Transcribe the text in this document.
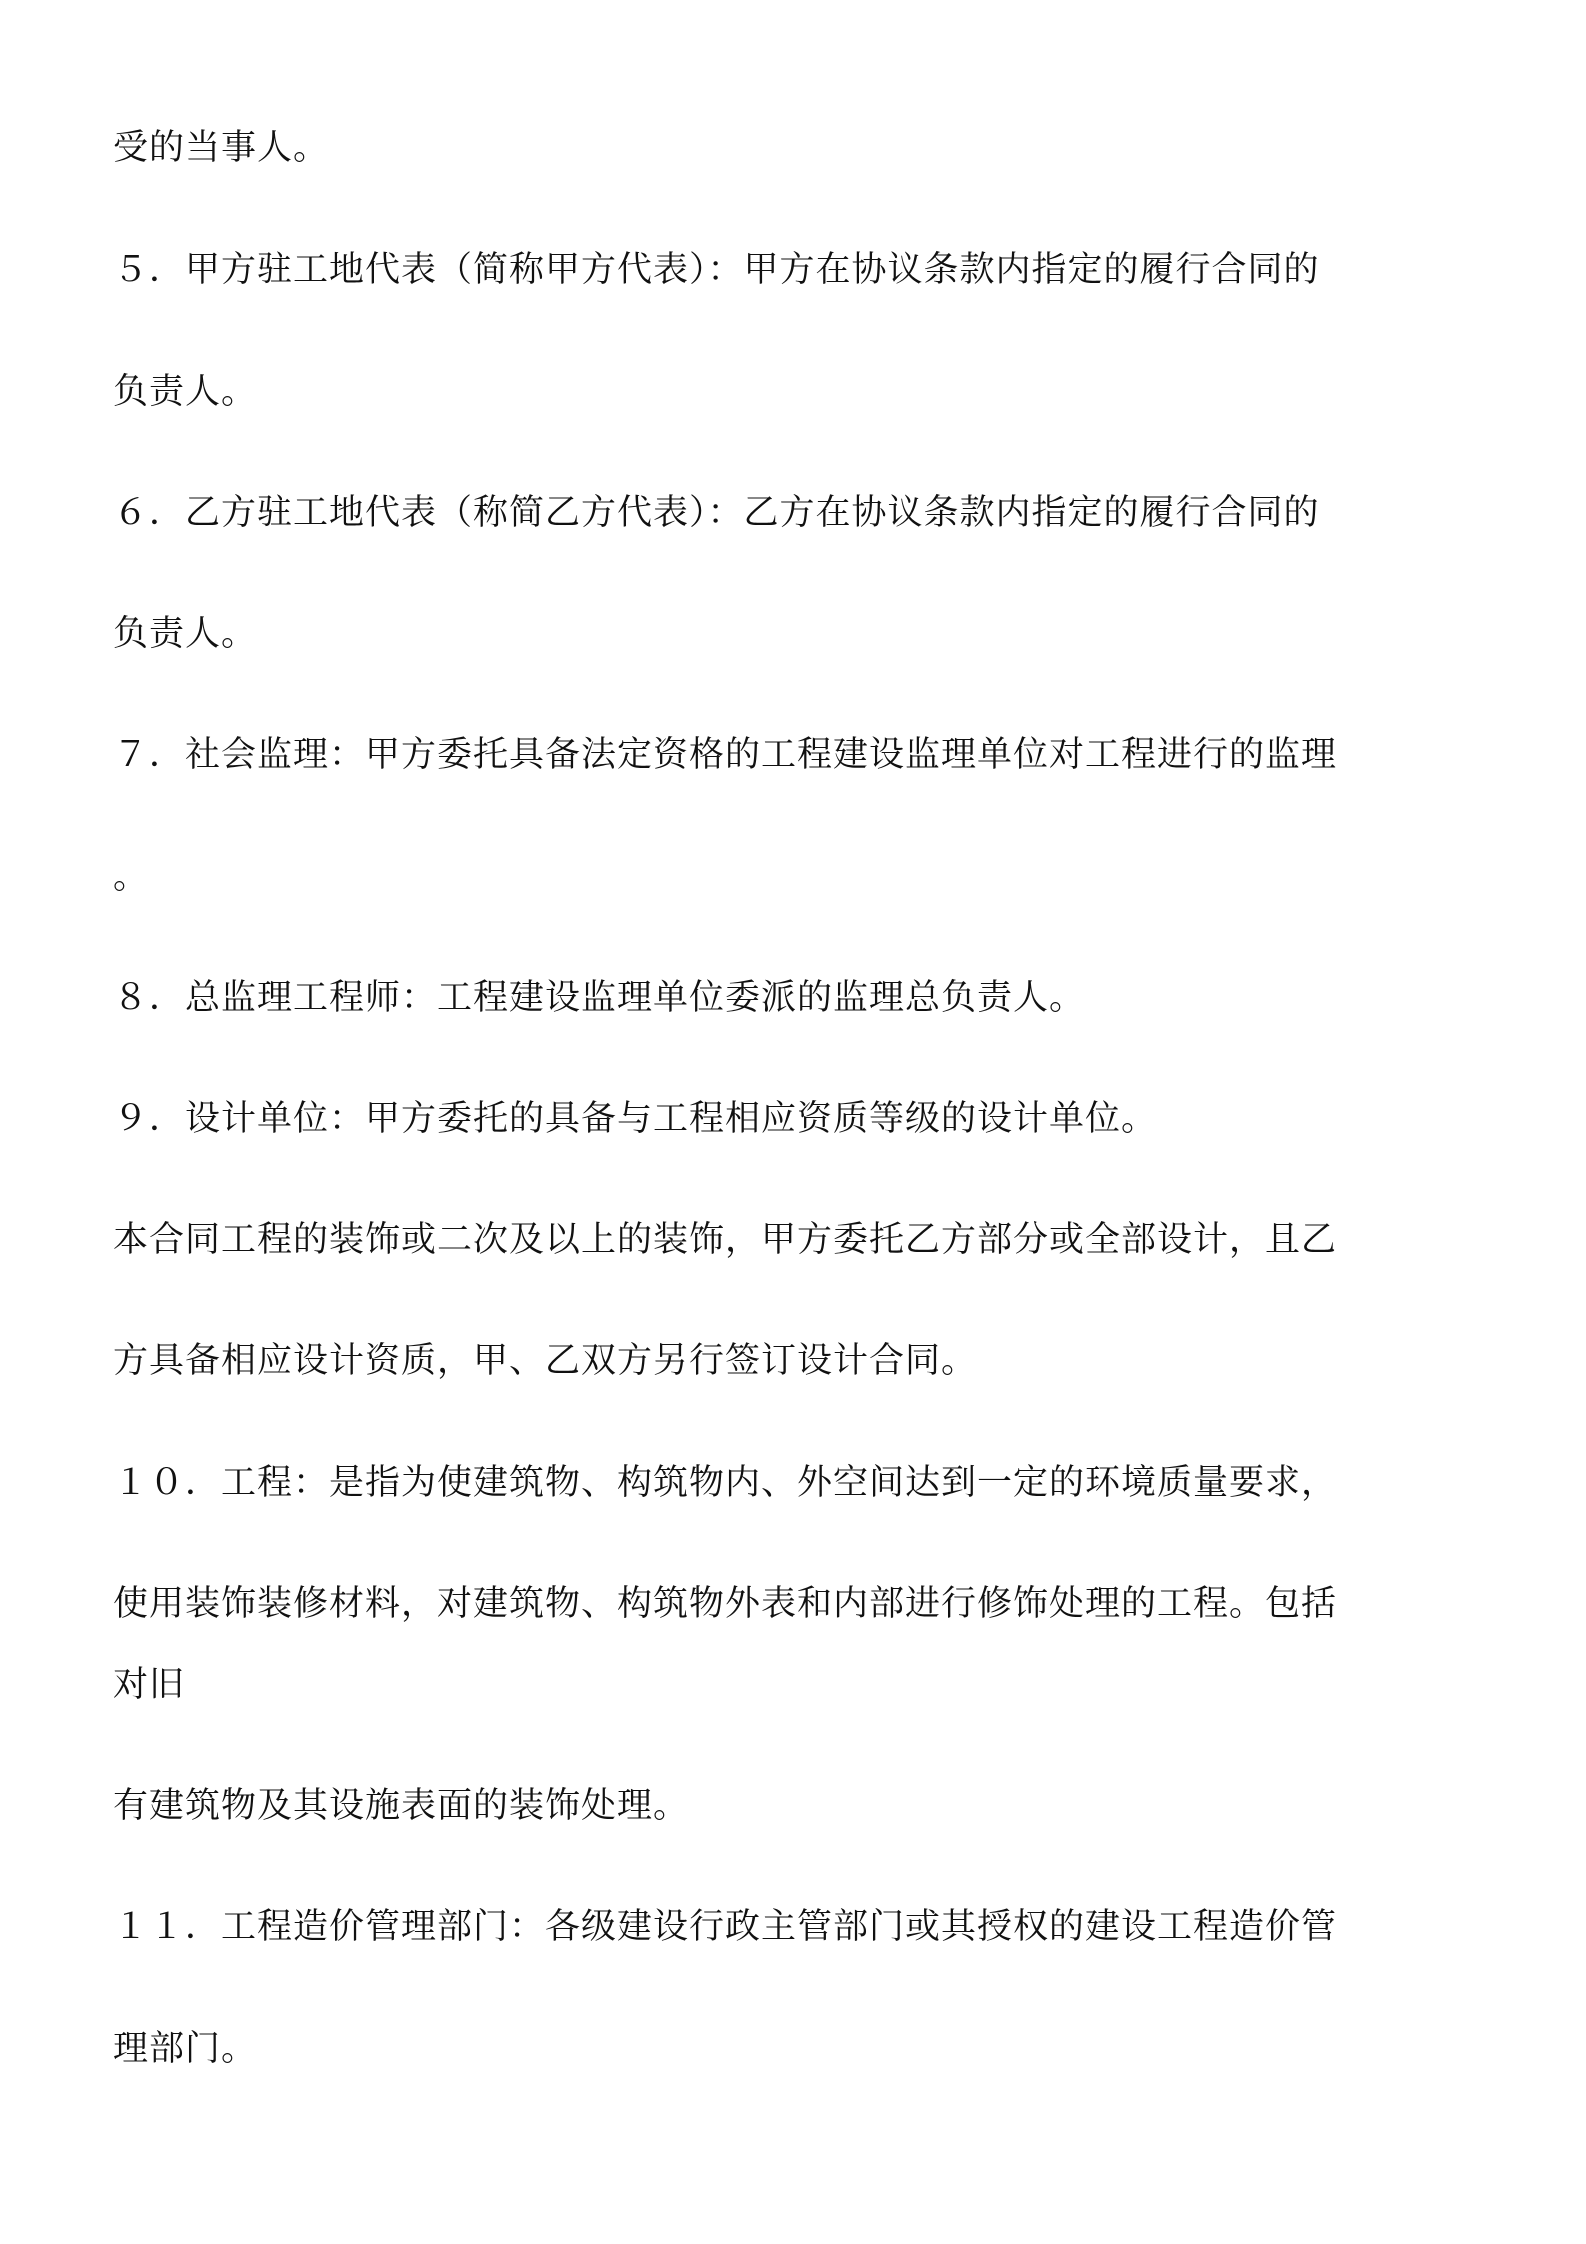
受的当事人。
５．甲方驻工地代表（简称甲方代表）：甲方在协议条款内指定的履行合同的
负责人。
６．乙方驻工地代表（称简乙方代表）：乙方在协议条款内指定的履行合同的
负责人。
７．社会监理：甲方委托具备法定资格的工程建设监理单位对工程进行的监理
。
８．总监理工程师：工程建设监理单位委派的监理总负责人。
９．设计单位：甲方委托的具备与工程相应资质等级的设计单位。
本合同工程的装饰或二次及以上的装饰，甲方委托乙方部分或全部设计，且乙
方具备相应设计资质，甲、乙双方另行签订设计合同。
１０．工程：是指为使建筑物、构筑物内、外空间达到一定的环境质量要求，
使用装饰装修材料，对建筑物、构筑物外表和内部进行修饰处理的工程。包括
对旧
有建筑物及其设施表面的装饰处理。
１１．工程造价管理部门：各级建设行政主管部门或其授权的建设工程造价管
理部门。
